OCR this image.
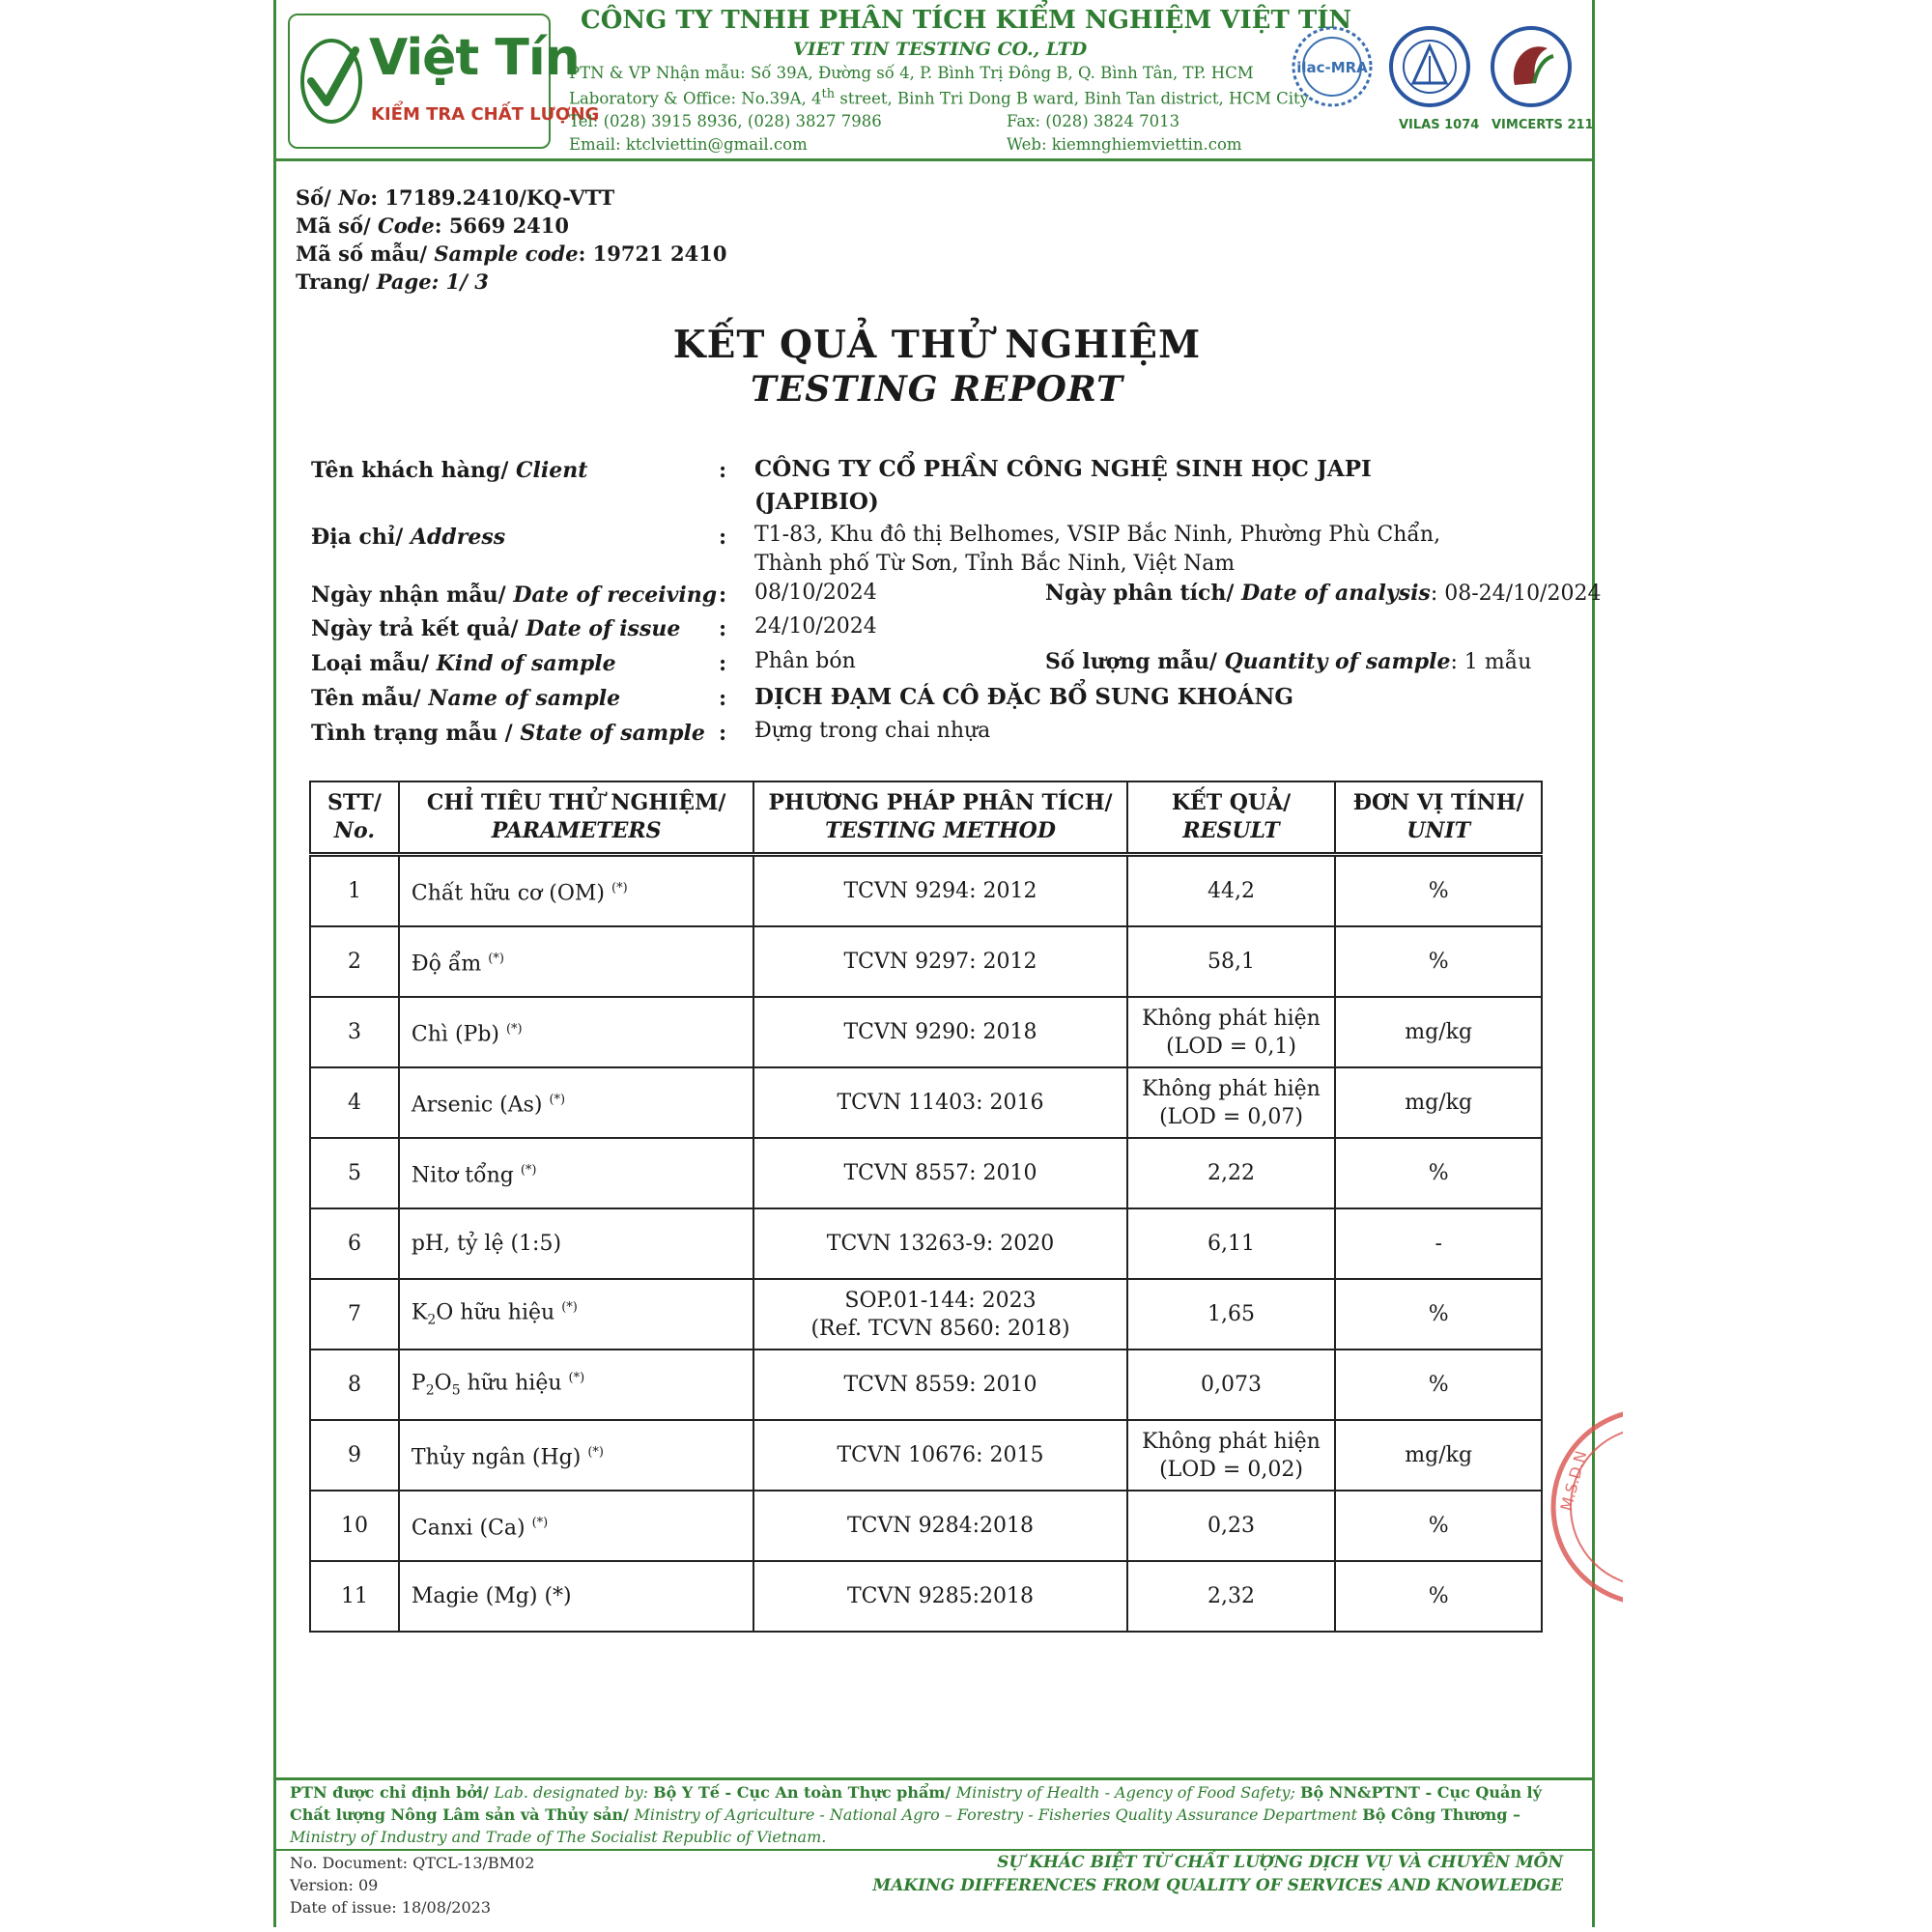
Việt Tín
KIỂM TRA CHẤT LƯỢNG
CÔNG TY TNHH PHÂN TÍCH KIỂM NGHIỆM VIỆT TÍN
VIET TIN TESTING CO., LTD
PTN & VP Nhận mẫu: Số 39A, Đường số 4, P. Bình Trị Đông B, Q. Bình Tân, TP. HCM
Laboratory & Office: No.39A, 4th street, Binh Tri Dong B ward, Binh Tan district, HCM City
Tel: (028) 3915 8936, (028) 3827 7986	Fax: (028) 3824 7013
Email: ktclviettin@gmail.com	Web: kiemnghiemviettin.com
ilac-MRA
VILAS 1074 VIMCERTS 211
Số/ No: 17189.2410/KQ-VTT
Mã số/ Code: 5669 2410
Mã số mẫu/ Sample code: 19721 2410
Trang/ Page: 1/ 3
KẾT QUẢ THỬ NGHIỆM
TESTING REPORT
Tên khách hàng/ Client	: CÔNG TY CỔ PHẦN CÔNG NGHỆ SINH HỌC JAPI
(JAPIBIO)
Địa chỉ/ Address	: T1-83, Khu đô thị Belhomes, VSIP Bắc Ninh, Phường Phù Chẩn,
Thành phố Từ Sơn, Tỉnh Bắc Ninh, Việt Nam
Ngày nhận mẫu/ Date of receiving : 08/10/2024	Ngày phân tích/ Date of analysis: 08-24/10/2024
Ngày trả kết quả/ Date of issue : 24/10/2024
Loại mẫu/ Kind of sample	: Phân bón	Số lượng mẫu/ Quantity of sample: 1 mẫu
Tên mẫu/ Name of sample	: DỊCH ĐẠM CÁ CÔ ĐẶC BỔ SUNG KHOÁNG
Tình trạng mẫu / State of sample : Đựng trong chai nhựa
STT/
No.	CHỈ TIÊU THỬ NGHIỆM/
PARAMETERS	PHƯƠNG PHÁP PHÂN TÍCH/
TESTING METHOD	KẾT QUẢ/
RESULT	ĐƠN VỊ TÍNH/
UNIT
1	Chất hữu cơ (OM) (*)	TCVN 9294: 2012	44,2	%
2	Độ ẩm (*)	TCVN 9297: 2012	58,1	%
3	Chì (Pb) (*)	TCVN 9290: 2018	Không phát hiện
(LOD = 0,1)	mg/kg
4	Arsenic (As) (*)	TCVN 11403: 2016	Không phát hiện
(LOD = 0,07)	mg/kg
5	Nitơ tổng (*)	TCVN 8557: 2010	2,22	%
6	pH, tỷ lệ (1:5)	TCVN 13263-9: 2020	6,11	-
7	$K_2O$ hữu hiệu (*)	SOP.01-144: 2023
(Ref. TCVN 8560: 2018)	1,65	%
8	$P_2O_5$ hữu hiệu (*)	TCVN 8559: 2010	0,073	%
9	Thủy ngân (Hg) (*)	TCVN 10676: 2015	Không phát hiện
(LOD = 0,02)	mg/kg
10	Canxi (Ca) (*)	TCVN 9284:2018	0,23	%
11	Magie (Mg) (*)	TCVN 9285:2018	2,32	%
PTN được chỉ định bởi/ Lab. designated by: Bộ Y Tế - Cục An toàn Thực phẩm/ Ministry of Health - Agency of Food Safety; Bộ NN&PTNT - Cục Quản lý Chất lượng Nông Lâm sản và Thủy sản/ Ministry of Agriculture - National Agro – Forestry - Fisheries Quality Assurance Department Bộ Công Thương – Ministry of Industry and Trade of The Socialist Republic of Vietnam.
No. Document: QTCL-13/BM02
Version: 09
Date of issue: 18/08/2023
SỰ KHÁC BIỆT TỪ CHẤT LƯỢNG DỊCH VỤ VÀ CHUYÊN MÔN
MAKING DIFFERENCES FROM QUALITY OF SERVICES AND KNOWLEDGE
M.S.D.N
